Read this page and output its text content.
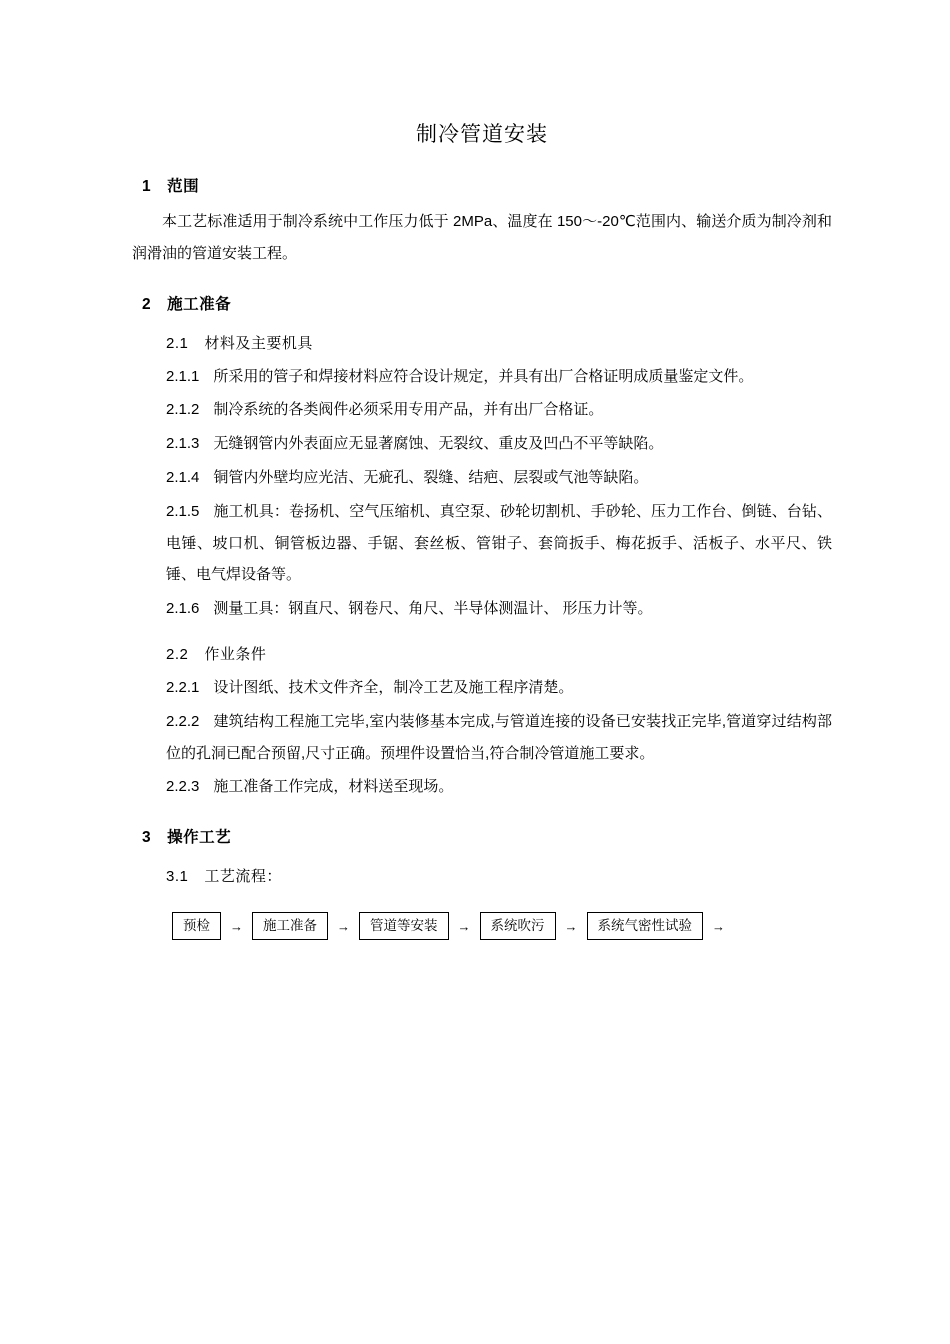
制冷管道安装
1 范围

本工艺标准适用于制冷系统中工作压力低于 2MPa、温度在 150～-20℃范围内、输送介质为制冷剂和润滑油的管道安装工程。

2 施工准备
2.1 材料及主要机具
2.1.1 所采用的管子和焊接材料应符合设计规定，并具有出厂合格证明成质量鉴定文件。
2.1.2 制冷系统的各类阀件必须采用专用产品，并有出厂合格证。
2.1.3 无缝钢管内外表面应无显著腐蚀、无裂纹、重皮及凹凸不平等缺陷。
2.1.4 铜管内外壁均应光洁、无疵孔、裂缝、结疤、层裂或气池等缺陷。
2.1.5 施工机具：卷扬机、空气压缩机、真空泵、砂轮切割机、手砂轮、压力工作台、倒链、台钻、电锤、坡口机、铜管板边器、手锯、套丝板、管钳子、套筒扳手、梅花扳手、活板子、水平尺、铁锤、电气焊设备等。
2.1.6 测量工具：钢直尺、钢卷尺、角尺、半导体测温计、 形压力计等。
2.2 作业条件
2.2.1 设计图纸、技术文件齐全，制冷工艺及施工程序清楚。
2.2.2 建筑结构工程施工完毕,室内装修基本完成,与管道连接的设备已安装找正完毕,管道穿过结构部位的孔洞已配合预留,尺寸正确。预埋件设置恰当,符合制冷管道施工要求。
2.2.3 施工准备工作完成，材料送至现场。
3 操作工艺
3.1 工艺流程：
预检	→	施工准备	→	管道等安装	→	系统吹污	→	系统气密性试验	→
